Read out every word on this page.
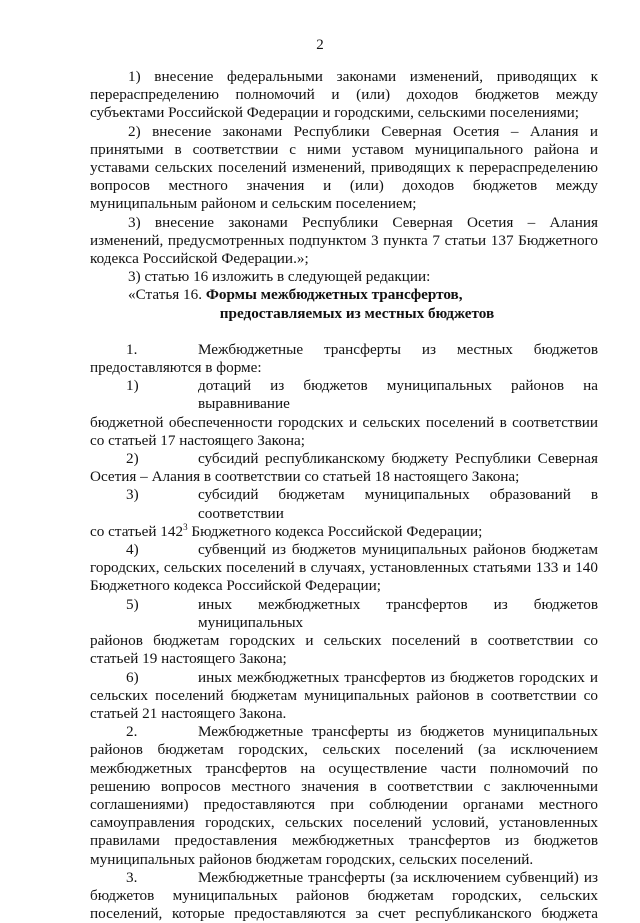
2

1) внесение федеральными законами изменений, приводящих к перераспределению полномочий и (или) доходов бюджетов между субъектами Российской Федерации и городскими, сельскими поселениями;

2) внесение законами Республики Северная Осетия – Алания и принятыми в соответствии с ними уставом муниципального района и уставами сельских поселений изменений, приводящих к перераспределению вопросов местного значения и (или) доходов бюджетов между муниципальным районом и сельским поселением;

3) внесение законами Республики Северная Осетия – Алания изменений, предусмотренных подпунктом 3 пункта 7 статьи 137 Бюджетного кодекса Российской Федерации.»;

3) статью 16 изложить в следующей редакции:

«Статья 16. Формы межбюджетных трансфертов,

предоставляемых из местных бюджетов

1.	Межбюджетные трансферты из местных бюджетов

предоставляются в форме:

1)	дотаций из бюджетов муниципальных районов на выравнивание

бюджетной обеспеченности городских и сельских поселений в соответствии со статьей 17 настоящего Закона;

2)	субсидий республиканскому бюджету Республики Северная

Осетия – Алания в соответствии со статьей 18 настоящего Закона;

3)	субсидий бюджетам муниципальных образований в соответствии

со статьей $142^3$ Бюджетного кодекса Российской Федерации;

4)	субвенций из бюджетов муниципальных районов бюджетам

городских, сельских поселений в случаях, установленных статьями 133 и 140 Бюджетного кодекса Российской Федерации;

5)	иных межбюджетных трансфертов из бюджетов муниципальных

районов бюджетам городских и сельских поселений в соответствии со статьей 19 настоящего Закона;

6)	иных межбюджетных трансфертов из бюджетов городских и

сельских поселений бюджетам муниципальных районов в соответствии со статьей 21 настоящего Закона.

2.	Межбюджетные трансферты из бюджетов муниципальных

районов бюджетам городских, сельских поселений (за исключением межбюджетных трансфертов на осуществление части полномочий по решению вопросов местного значения в соответствии с заключенными соглашениями) предоставляются при соблюдении органами местного самоуправления городских, сельских поселений условий, установленных правилами предоставления межбюджетных трансфертов из бюджетов муниципальных районов бюджетам городских, сельских поселений.

3.	Межбюджетные трансферты (за исключением субвенций) из

бюджетов муниципальных районов бюджетам городских, сельских поселений, которые предоставляются за счет республиканского бюджета
